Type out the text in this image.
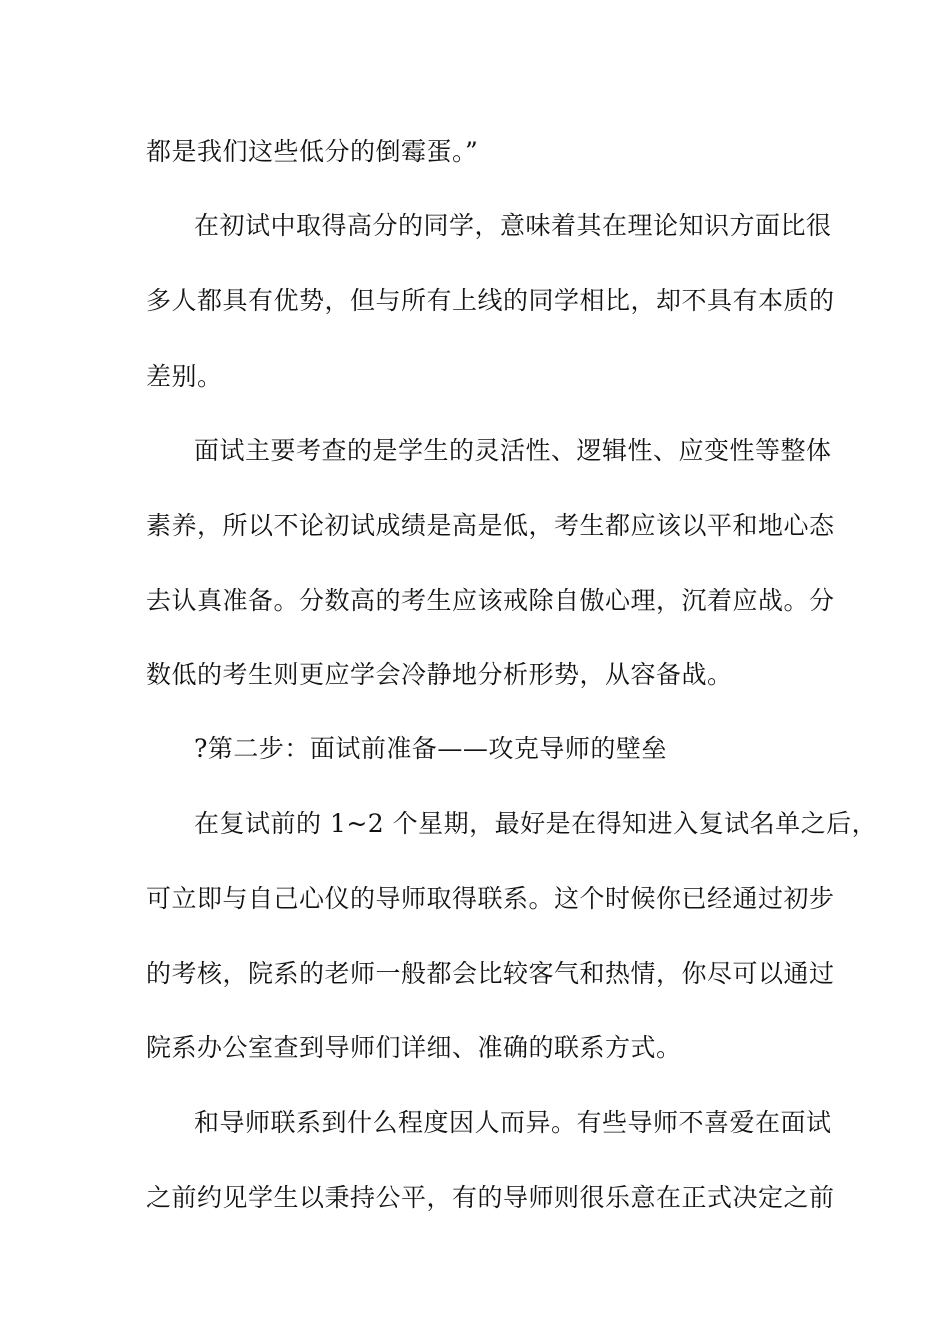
都是我们这些低分的倒霉蛋。”
在初试中取得高分的同学，意味着其在理论知识方面比很
多人都具有优势，但与所有上线的同学相比，却不具有本质的
差别。
面试主要考查的是学生的灵活性、逻辑性、应变性等整体
素养，所以不论初试成绩是高是低，考生都应该以平和地心态
去认真准备。分数高的考生应该戒除自傲心理，沉着应战。分
数低的考生则更应学会冷静地分析形势，从容备战。
?第二步：面试前准备——攻克导师的壁垒
在复试前的 1~2 个星期，最好是在得知进入复试名单之后，
可立即与自己心仪的导师取得联系。这个时候你已经通过初步
的考核，院系的老师一般都会比较客气和热情，你尽可以通过
院系办公室查到导师们详细、准确的联系方式。
和导师联系到什么程度因人而异。有些导师不喜爱在面试
之前约见学生以秉持公平，有的导师则很乐意在正式决定之前
